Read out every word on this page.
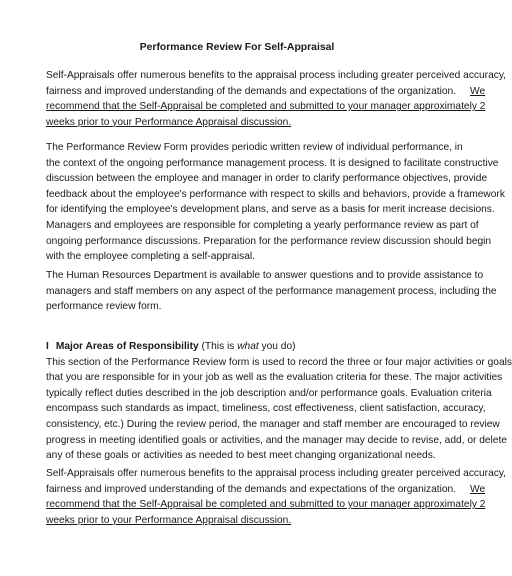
Performance Review For Self-Appraisal
Self-Appraisals offer numerous benefits to the appraisal process including greater perceived accuracy,
fairness and improved understanding of the demands and expectations of the organization. We
recommend that the Self-Appraisal be completed and submitted to your manager approximately 2
weeks prior to your Performance Appraisal discussion.
The Performance Review Form provides periodic written review of individual performance, in
the context of the ongoing performance management process. It is designed to facilitate constructive
discussion between the employee and manager in order to clarify performance objectives, provide
feedback about the employee's performance with respect to skills and behaviors, provide a framework
for identifying the employee's development plans, and serve as a basis for merit increase decisions.
Managers and employees are responsible for completing a yearly performance review as part of
ongoing performance discussions. Preparation for the performance review discussion should begin
with the employee completing a self-appraisal.
The Human Resources Department is available to answer questions and to provide assistance to
managers and staff members on any aspect of the performance management process, including the
performance review form.
I Major Areas of Responsibility (This is what you do)
This section of the Performance Review form is used to record the three or four major activities or goals
that you are responsible for in your job as well as the evaluation criteria for these. The major activities
typically reflect duties described in the job description and/or performance goals. Evaluation criteria
encompass such standards as impact, timeliness, cost effectiveness, client satisfaction, accuracy,
consistency, etc.) During the review period, the manager and staff member are encouraged to review
progress in meeting identified goals or activities, and the manager may decide to revise, add, or delete
any of these goals or activities as needed to best meet changing organizational needs.
Self-Appraisals offer numerous benefits to the appraisal process including greater perceived accuracy,
fairness and improved understanding of the demands and expectations of the organization. We
recommend that the Self-Appraisal be completed and submitted to your manager approximately 2
weeks prior to your Performance Appraisal discussion.
